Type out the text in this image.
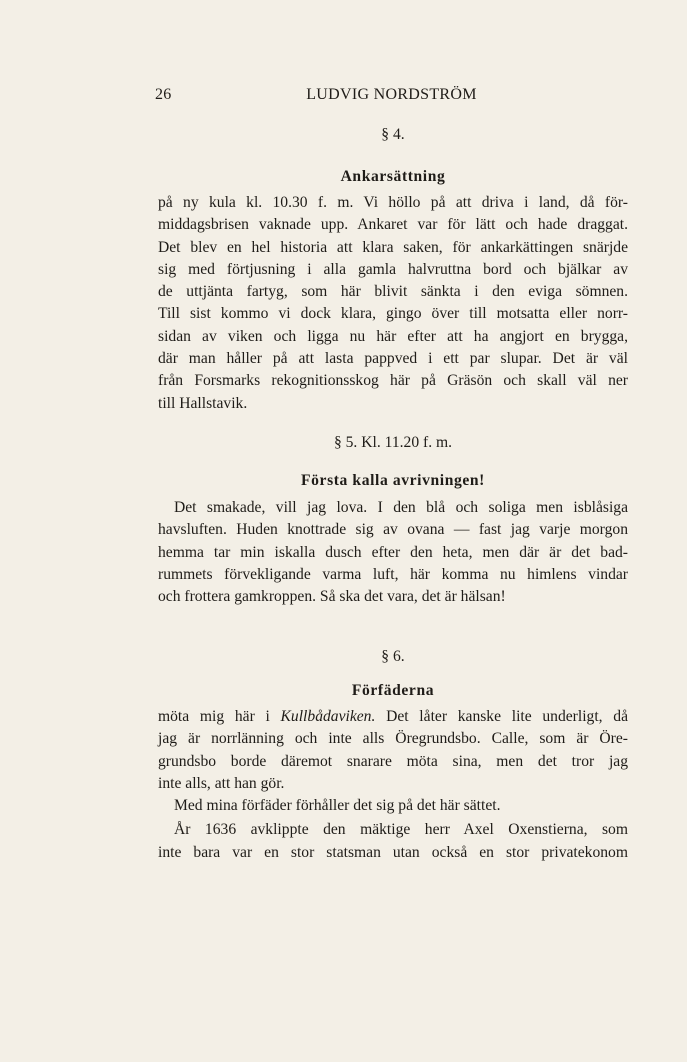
26	LUDVIG NORDSTRÖM
§ 4.
Ankarsättning
på ny kula kl. 10.30 f. m. Vi höllo på att driva i land, då för-
middagsbrisen vaknade upp. Ankaret var för lätt och hade draggat.
Det blev en hel historia att klara saken, för ankarkättingen snärjde
sig med förtjusning i alla gamla halvruttna bord och bjälkar av
de uttjänta fartyg, som här blivit sänkta i den eviga sömnen.
Till sist kommo vi dock klara, gingo över till motsatta eller norr-
sidan av viken och ligga nu här efter att ha angjort en brygga,
där man håller på att lasta pappved i ett par slupar. Det är väl
från Forsmarks rekognitionsskog här på Gräsön och skall väl ner
till Hallstavik.
§ 5. Kl. 11.20 f. m.
Första kalla avrivningen!
Det smakade, vill jag lova. I den blå och soliga men isblåsiga
havsluften. Huden knottrade sig av ovana — fast jag varje morgon
hemma tar min iskalla dusch efter den heta, men där är det bad-
rummets förvekligande varma luft, här komma nu himlens vindar
och frottera gamkroppen. Så ska det vara, det är hälsan!
§ 6.
Förfäderna
möta mig här i Kullbådaviken. Det låter kanske lite underligt, då
jag är norrlänning och inte alls Öregrundsbo. Calle, som är Öre-
grundsbo borde däremot snarare möta sina, men det tror jag
inte alls, att han gör.
Med mina förfäder förhåller det sig på det här sättet.
År 1636 avklippte den mäktige herr Axel Oxenstierna, som
inte bara var en stor statsman utan också en stor privatekonom
